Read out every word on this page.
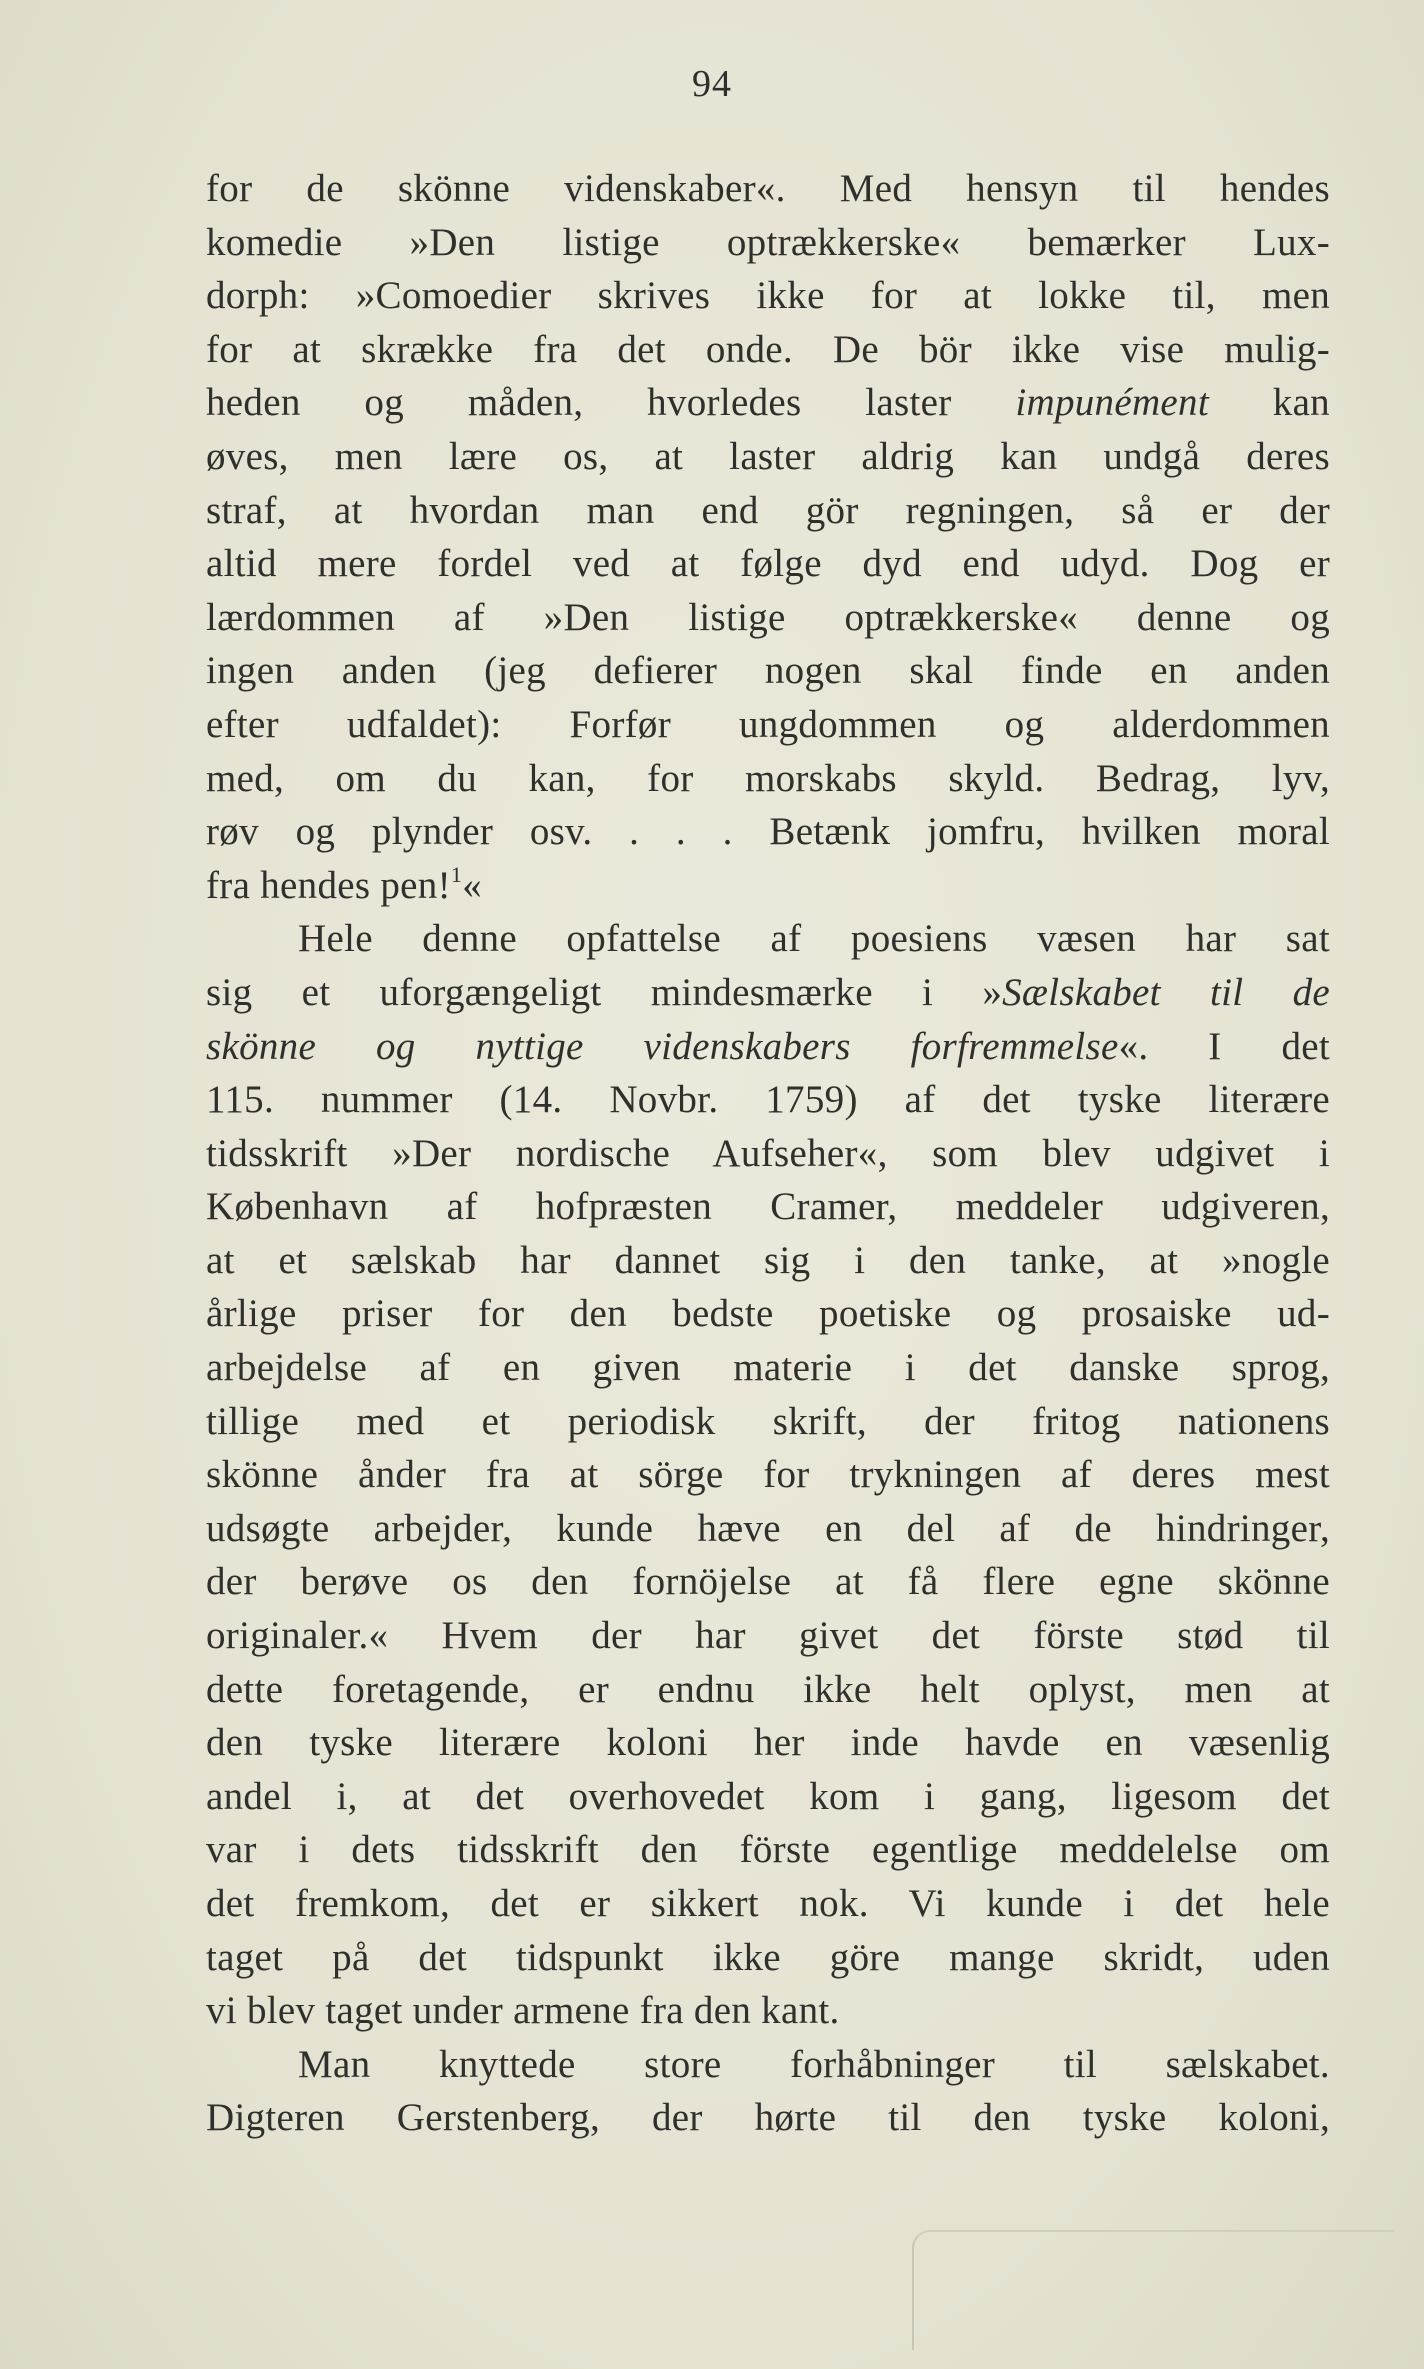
94
for de skönne videnskaber«. Med hensyn til hendes
komedie »Den listige optrækkerske« bemærker Lux-
dorph: »Comoedier skrives ikke for at lokke til, men
for at skrække fra det onde. De bör ikke vise mulig-
heden og måden, hvorledes laster impunément kan
øves, men lære os, at laster aldrig kan undgå deres
straf, at hvordan man end gör regningen, så er der
altid mere fordel ved at følge dyd end udyd. Dog er
lærdommen af »Den listige optrækkerske« denne og
ingen anden (jeg defierer nogen skal finde en anden
efter udfaldet): Forfør ungdommen og alderdommen
med, om du kan, for morskabs skyld. Bedrag, lyv,
røv og plynder osv. . . . Betænk jomfru, hvilken moral
fra hendes pen!$^1$«
Hele denne opfattelse af poesiens væsen har sat
sig et uforgængeligt mindesmærke i »Sælskabet til de
skönne og nyttige videnskabers forfremmelse«. I det
115. nummer (14. Novbr. 1759) af det tyske literære
tidsskrift »Der nordische Aufseher«, som blev udgivet i
København af hofpræsten Cramer, meddeler udgiveren,
at et sælskab har dannet sig i den tanke, at »nogle
årlige priser for den bedste poetiske og prosaiske ud-
arbejdelse af en given materie i det danske sprog,
tillige med et periodisk skrift, der fritog nationens
skönne ånder fra at sörge for trykningen af deres mest
udsøgte arbejder, kunde hæve en del af de hindringer,
der berøve os den fornöjelse at få flere egne skönne
originaler.« Hvem der har givet det förste stød til
dette foretagende, er endnu ikke helt oplyst, men at
den tyske literære koloni her inde havde en væsenlig
andel i, at det overhovedet kom i gang, ligesom det
var i dets tidsskrift den förste egentlige meddelelse om
det fremkom, det er sikkert nok. Vi kunde i det hele
taget på det tidspunkt ikke göre mange skridt, uden
vi blev taget under armene fra den kant.
Man knyttede store forhåbninger til sælskabet.
Digteren Gerstenberg, der hørte til den tyske koloni,
